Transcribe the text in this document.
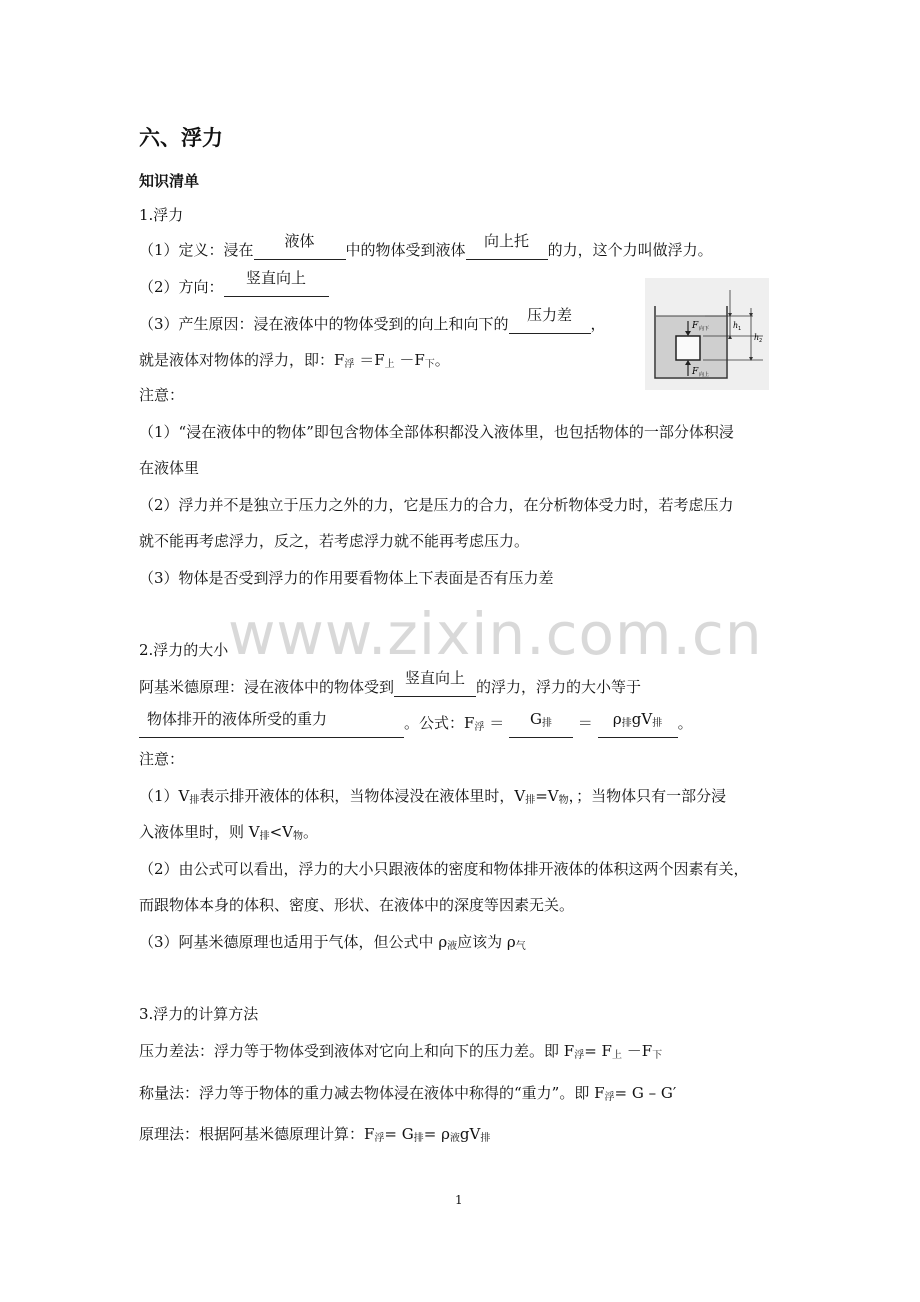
六、浮力
知识清单
1.浮力
（1）定义：浸在	液体	中的物体受到液体	向上托	的力，这个力叫做浮力。
（2）方向：	竖直向上
（3）产生原因：浸在液体中的物体受到的向上和向下的	压力差	，
就是液体对物体的浮力，即：$F_浮 =F_上 -F_下$。
F 向下
F 向上
h 1
h 2
注意：
（1）“浸在液体中的物体”即包含物体全部体积都没入液体里，也包括物体的一部分体积浸
在液体里
（2）浮力并不是独立于压力之外的力，它是压力的合力，在分析物体受力时，若考虑压力
就不能再考虑浮力，反之，若考虑浮力就不能再考虑压力。
（3）物体是否受到浮力的作用要看物体上下表面是否有压力差
www.zixin.com.cn
2.浮力的大小
阿基米德原理：浸在液体中的物体受到 竖直向上 的浮力，浮力的大小等于
物体排开的液体所受的重力	。公式：$F_浮$ ＝	$G_排$	＝	$\rho_排gV_排$	。
注意：
$(1)V_排$表示排开液体的体积，当物体浸没在液体里时，$V_排=V_物$，；当物体只有一部分浸
入液体里时，则 $V_排<V_物$。
（2）由公式可以看出，浮力的大小只跟液体的密度和物体排开液体的体积这两个因素有关，
而跟物体本身的体积、密度、形状、在液体中的深度等因素无关。
（3）阿基米德原理也适用于气体，但公式中 $\rho_液$应该为 $\rho_气$
3.浮力的计算方法
压力差法：浮力等于物体受到液体对它向上和向下的压力差。即 $F_浮= F_上 -F_下$
称量法：浮力等于物体的重力减去物体浸在液体中称得的“重力”。即 $F_浮= G - G'$
原理法：根据阿基米德原理计算：$F_浮= G_排= \rho_液gV_排$
1
